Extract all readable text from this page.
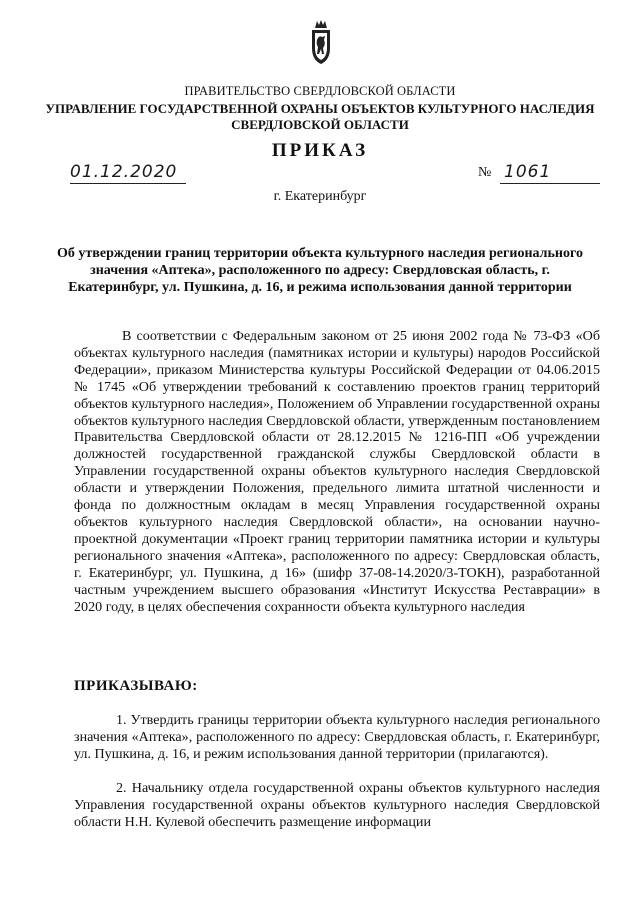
ПРАВИТЕЛЬСТВО СВЕРДЛОВСКОЙ ОБЛАСТИ
УПРАВЛЕНИЕ ГОСУДАРСТВЕННОЙ ОХРАНЫ ОБЪЕКТОВ КУЛЬТУРНОГО НАСЛЕДИЯ СВЕРДЛОВСКОЙ ОБЛАСТИ
ПРИКАЗ
01.12.2020	№ 1061
г. Екатеринбург
Об утверждении границ территории объекта культурного наследия регионального значения «Аптека», расположенного по адресу: Свердловская область, г. Екатеринбург, ул. Пушкина, д. 16, и режима использования данной территории
В соответствии с Федеральным законом от 25 июня 2002 года № 73-ФЗ «Об объектах культурного наследия (памятниках истории и культуры) народов Российской Федерации», приказом Министерства культуры Российской Федерации от 04.06.2015 № 1745 «Об утверждении требований к составлению проектов границ территорий объектов культурного наследия», Положением об Управлении государственной охраны объектов культурного наследия Свердловской области, утвержденным постановлением Правительства Свердловской области от 28.12.2015 № 1216-ПП «Об учреждении должностей государственной гражданской службы Свердловской области в Управлении государственной охраны объектов культурного наследия Свердловской области и утверждении Положения, предельного лимита штатной численности и фонда по должностным окладам в месяц Управления государственной охраны объектов культурного наследия Свердловской области», на основании научно-проектной документации «Проект границ территории памятника истории и культуры регионального значения «Аптека», расположенного по адресу: Свердловская область, г. Екатеринбург, ул. Пушкина, д 16» (шифр 37-08-14.2020/3-ТОКН), разработанной частным учреждением высшего образования «Институт Искусства Реставрации» в 2020 году, в целях обеспечения сохранности объекта культурного наследия
ПРИКАЗЫВАЮ:
1. Утвердить границы территории объекта культурного наследия регионального значения «Аптека», расположенного по адресу: Свердловская область, г. Екатеринбург, ул. Пушкина, д. 16, и режим использования данной территории (прилагаются).
2. Начальнику отдела государственной охраны объектов культурного наследия Управления государственной охраны объектов культурного наследия Свердловской области Н.Н. Кулевой обеспечить размещение информации
